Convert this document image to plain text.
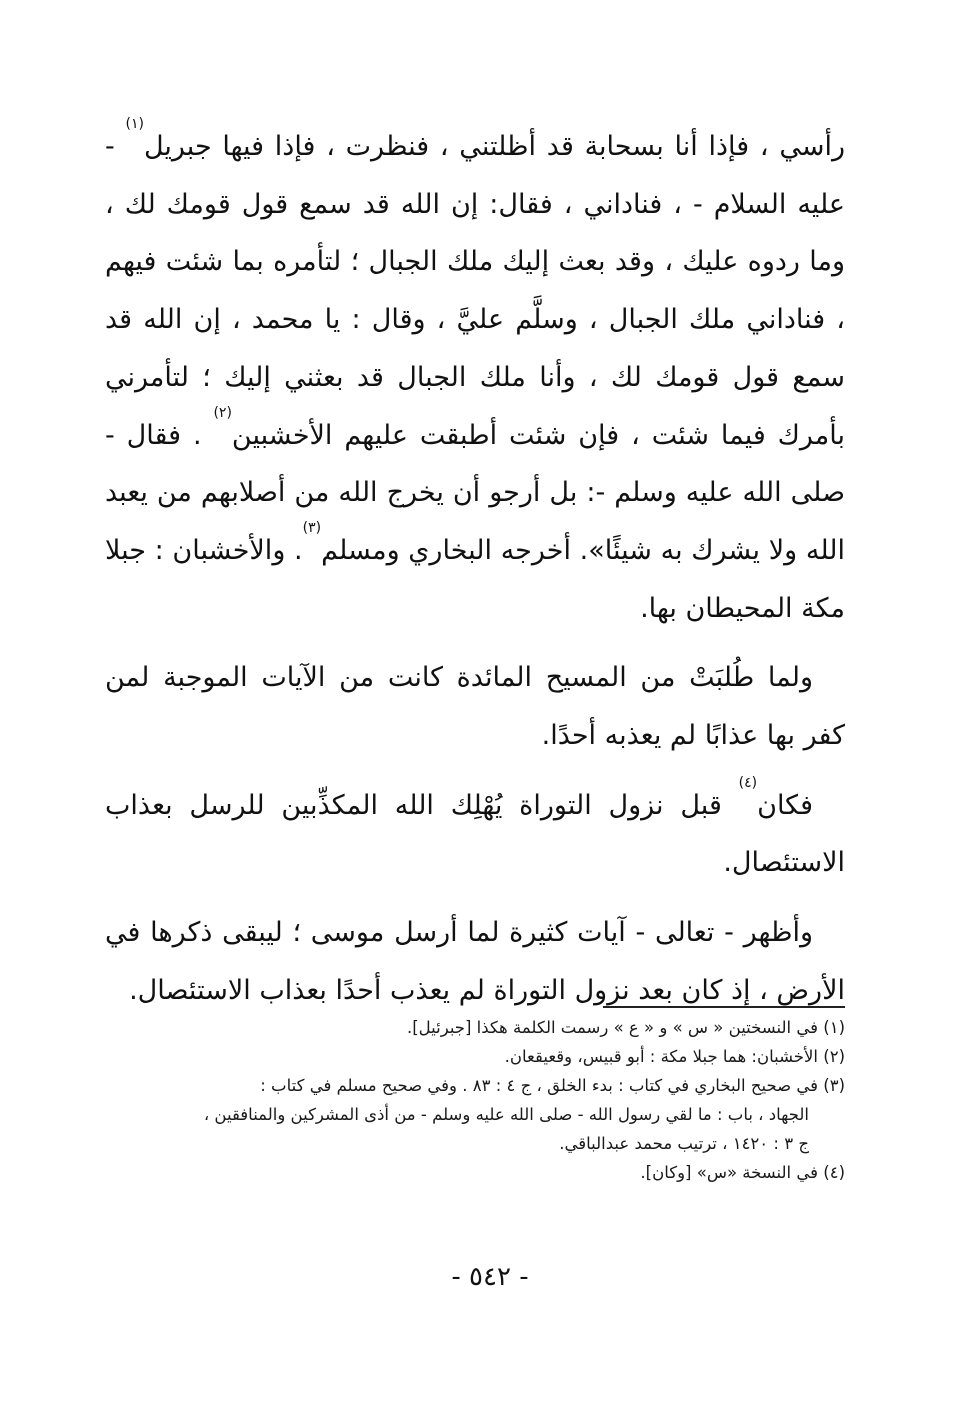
رأسي ، فإذا أنا بسحابة قد أظلتني ، فنظرت ، فإذا فيها جبريل$^{(١)}$ - عليه السلام - ، فناداني ، فقال: إن الله قد سمع قول قومك لك ، وما ردوه عليك ، وقد بعث إليك ملك الجبال ؛ لتأمره بما شئت فيهم ، فناداني ملك الجبال ، وسلَّم عليَّ ، وقال : يا محمد ، إن الله قد سمع قول قومك لك ، وأنا ملك الجبال قد بعثني إليك ؛ لتأمرني بأمرك فيما شئت ، فإن شئت أطبقت عليهم الأخشبين$^{(٢)}$ . فقال - صلى الله عليه وسلم -: بل أرجو أن يخرج الله من أصلابهم من يعبد الله ولا يشرك به شيئًا». أخرجه البخاري ومسلم$^{(٣)}$. والأخشبان : جبلا مكة المحيطان بها.

ولما طُلبَتْ من المسيح المائدة كانت من الآيات الموجبة لمن كفر بها عذابًا لم يعذبه أحدًا.

فكان$^{(٤)}$ قبل نزول التوراة يُهْلِك الله المكذِّبين للرسل بعذاب الاستئصال.

وأظهر - تعالى - آيات كثيرة لما أرسل موسى ؛ ليبقى ذكرها في الأرض ، إذ كان بعد نزول التوراة لم يعذب أحدًا بعذاب الاستئصال.

(١) في النسختين « س » و « ع » رسمت الكلمة هكذا [جبرئيل].

(٢) الأخشبان: هما جبلا مكة : أبو قبيس، وقعيقعان.

(٣) في صحيح البخاري في كتاب : بدء الخلق ، ج ٤ : ٨٣ . وفي صحيح مسلم في كتاب :

الجهاد ، باب : ما لقي رسول الله - صلى الله عليه وسلم - من أذى المشركين والمنافقين ،

ج ٣ : ١٤٢٠ ، ترتيب محمد عبدالباقي.

(٤) في النسخة «س» [وكان].

- ٥٤٢ -
